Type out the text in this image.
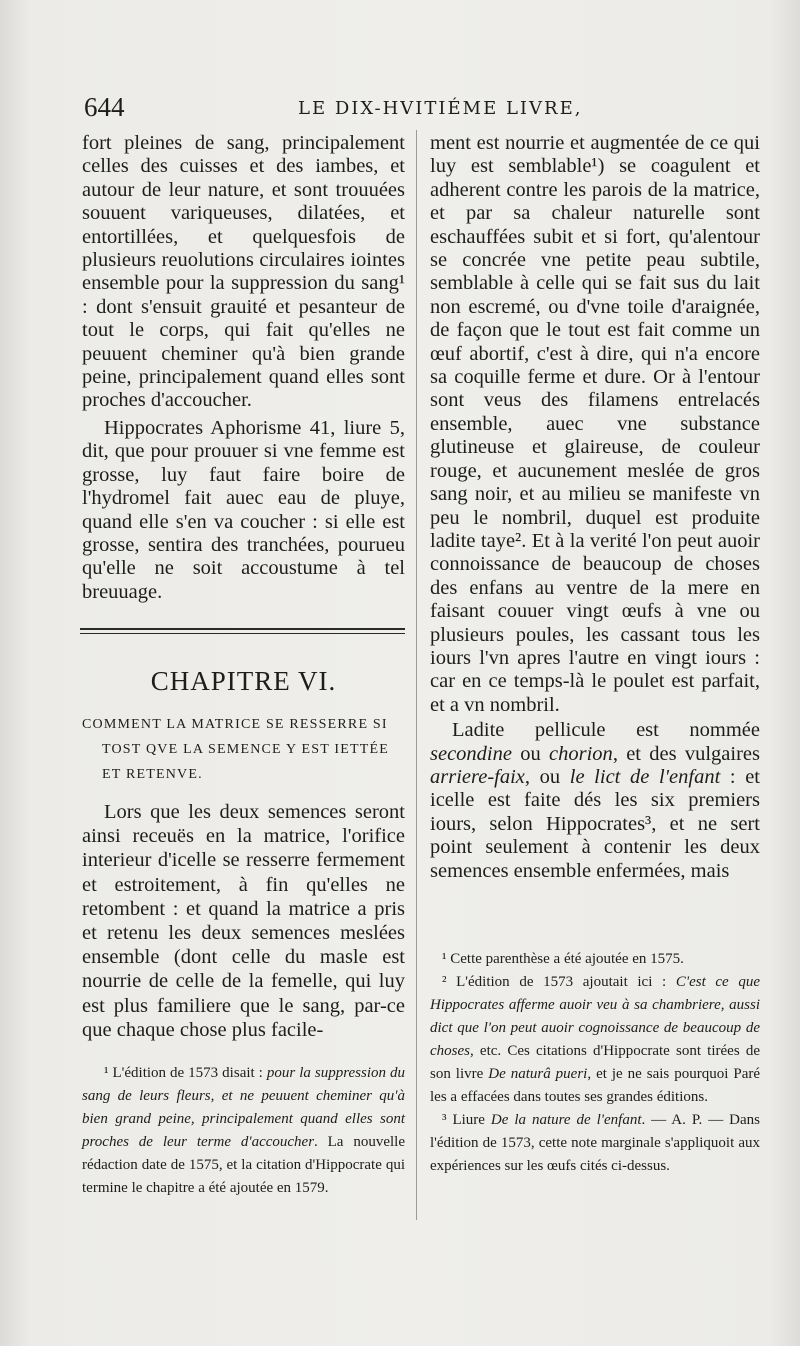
644	LE DIX-HVITIÉME LIVRE,

fort pleines de sang, principalement celles des cuisses et des iambes, et autour de leur nature, et sont trouuées souuent variqueuses, dilatées, et entortillées, et quelquesfois de plusieurs reuolutions circulaires iointes ensemble pour la suppression du sang¹ : dont s'ensuit grauité et pesanteur de tout le corps, qui fait qu'elles ne peuuent cheminer qu'à bien grande peine, principalement quand elles sont proches d'accoucher.

Hippocrates Aphorisme 41, liure 5, dit, que pour prouuer si vne femme est grosse, luy faut faire boire de l'hydromel fait auec eau de pluye, quand elle s'en va coucher : si elle est grosse, sentira des tranchées, pourueu qu'elle ne soit accoustume à tel breuuage.

CHAPITRE VI.
COMMENT LA MATRICE SE RESSERRE SI
TOST QVE LA SEMENCE Y EST IETTÉE
ET RETENVE.

Lors que les deux semences seront ainsi receuës en la matrice, l'orifice interieur d'icelle se resserre fermement et estroitement, à fin qu'elles ne retombent : et quand la matrice a pris et retenu les deux semences meslées ensemble (dont celle du masle est nourrie de celle de la femelle, qui luy est plus familiere que le sang, par-ce que chaque chose plus facile-

¹ L'édition de 1573 disait : pour la suppression du sang de leurs fleurs, et ne peuuent cheminer qu'à bien grand peine, principalement quand elles sont proches de leur terme d'accoucher. La nouvelle rédaction date de 1575, et la citation d'Hippocrate qui termine le chapitre a été ajoutée en 1579.

ment est nourrie et augmentée de ce qui luy est semblable¹) se coagulent et adherent contre les parois de la matrice, et par sa chaleur naturelle sont eschauffées subit et si fort, qu'alentour se concrée vne petite peau subtile, semblable à celle qui se fait sus du lait non escremé, ou d'vne toile d'araignée, de façon que le tout est fait comme un œuf abortif, c'est à dire, qui n'a encore sa coquille ferme et dure. Or à l'entour sont veus des filamens entrelacés ensemble, auec vne substance glutineuse et glaireuse, de couleur rouge, et aucunement meslée de gros sang noir, et au milieu se manifeste vn peu le nombril, duquel est produite ladite taye². Et à la verité l'on peut auoir connoissance de beaucoup de choses des enfans au ventre de la mere en faisant couuer vingt œufs à vne ou plusieurs poules, les cassant tous les iours l'vn apres l'autre en vingt iours : car en ce temps-là le poulet est parfait, et a vn nombril.

Ladite pellicule est nommée secondine ou chorion, et des vulgaires arriere-faix, ou le lict de l'enfant : et icelle est faite dés les six premiers iours, selon Hippocrates³, et ne sert point seulement à contenir les deux semences ensemble enfermées, mais

¹ Cette parenthèse a été ajoutée en 1575.

² L'édition de 1573 ajoutait ici : C'est ce que Hippocrates afferme auoir veu à sa chambriere, aussi dict que l'on peut auoir cognoissance de beaucoup de choses, etc. Ces citations d'Hippocrate sont tirées de son livre De naturâ pueri, et je ne sais pourquoi Paré les a effacées dans toutes ses grandes éditions.

³ Liure De la nature de l'enfant. — A. P. — Dans l'édition de 1573, cette note marginale s'appliquoit aux expériences sur les œufs cités ci-dessus.
